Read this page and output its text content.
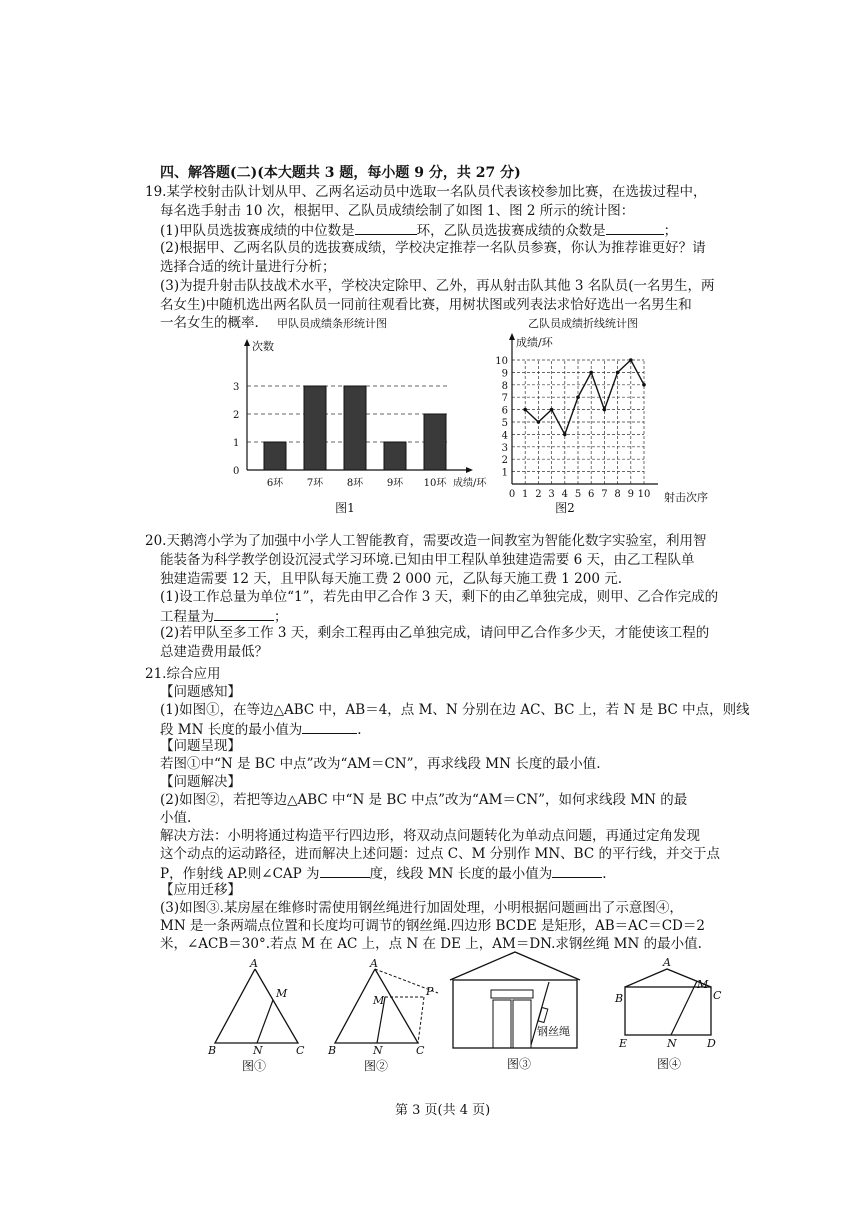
四、解答题(二)(本大题共 3 题，每小题 9 分，共 27 分)
19.某学校射击队计划从甲、乙两名运动员中选取一名队员代表该校参加比赛，在选拔过程中，
每名选手射击 10 次，根据甲、乙队员成绩绘制了如图 1、图 2 所示的统计图：
(1)甲队员选拔赛成绩的中位数是	环，乙队员选拔赛成绩的众数是	；
(2)根据甲、乙两名队员的选拔赛成绩，学校决定推荐一名队员参赛，你认为推荐谁更好？请
选择合适的统计量进行分析；
(3)为提升射击队技战术水平，学校决定除甲、乙外，再从射击队其他 3 名队员(一名男生，两
名女生)中随机选出两名队员一同前往观看比赛，用树状图或列表法求恰好选出一名男生和
一名女生的概率. 甲队员成绩条形统计图
次数
0
1
2
3
6环 7环 8环 9环 10环 成绩/环
图1
乙队员成绩折线统计图
成绩/环
1
2
3
4
5
6
7
8
9
10
0 1 2 3 4 5 6 7 8 9 10 射击次序
图2
20.天鹅湾小学为了加强中小学人工智能教育，需要改造一间教室为智能化数字实验室，利用智
能装备为科学教学创设沉浸式学习环境.已知由甲工程队单独建造需要 6 天，由乙工程队单
独建造需要 12 天，且甲队每天施工费 2 000 元，乙队每天施工费 1 200 元.
(1)设工作总量为单位“1”，若先由甲乙合作 3 天，剩下的由乙单独完成，则甲、乙合作完成的
工程量为	；
(2)若甲队至多工作 3 天，剩余工程再由乙单独完成，请问甲乙合作多少天，才能使该工程的
总建造费用最低？
21.综合应用
【问题感知】
(1)如图①，在等边△ABC 中，AB＝4，点 M、N 分别在边 AC、BC 上，若 N 是 BC 中点，则线
段 MN 长度的最小值为	.
【问题呈现】
若图①中“N 是 BC 中点”改为“AM＝CN”，再求线段 MN 长度的最小值.
【问题解决】
(2)如图②，若把等边△ABC 中“N 是 BC 中点”改为“AM＝CN”，如何求线段 MN 的最
小值.
解决方法：小明将通过构造平行四边形，将双动点问题转化为单动点问题，再通过定角发现
这个动点的运动路径，进而解决上述问题：过点 C、M 分别作 MN、BC 的平行线，并交于点
P，作射线 AP.则∠CAP 为	度，线段 MN 长度的最小值为	.
【应用迁移】
(3)如图③.某房屋在维修时需使用钢丝绳进行加固处理，小明根据问题画出了示意图④，
MN 是一条两端点位置和长度均可调节的钢丝绳.四边形 BCDE 是矩形，AB＝AC＝CD＝2
米，∠ACB＝30°.若点 M 在 AC 上，点 N 在 DE 上，AM＝DN.求钢丝绳 MN 的最小值.
A
M
B	N	C
图①
A
M
P
B	N	C
图②
钢丝绳
图③
A
M
B	C
E	N	D
图④
第 3 页(共 4 页)
